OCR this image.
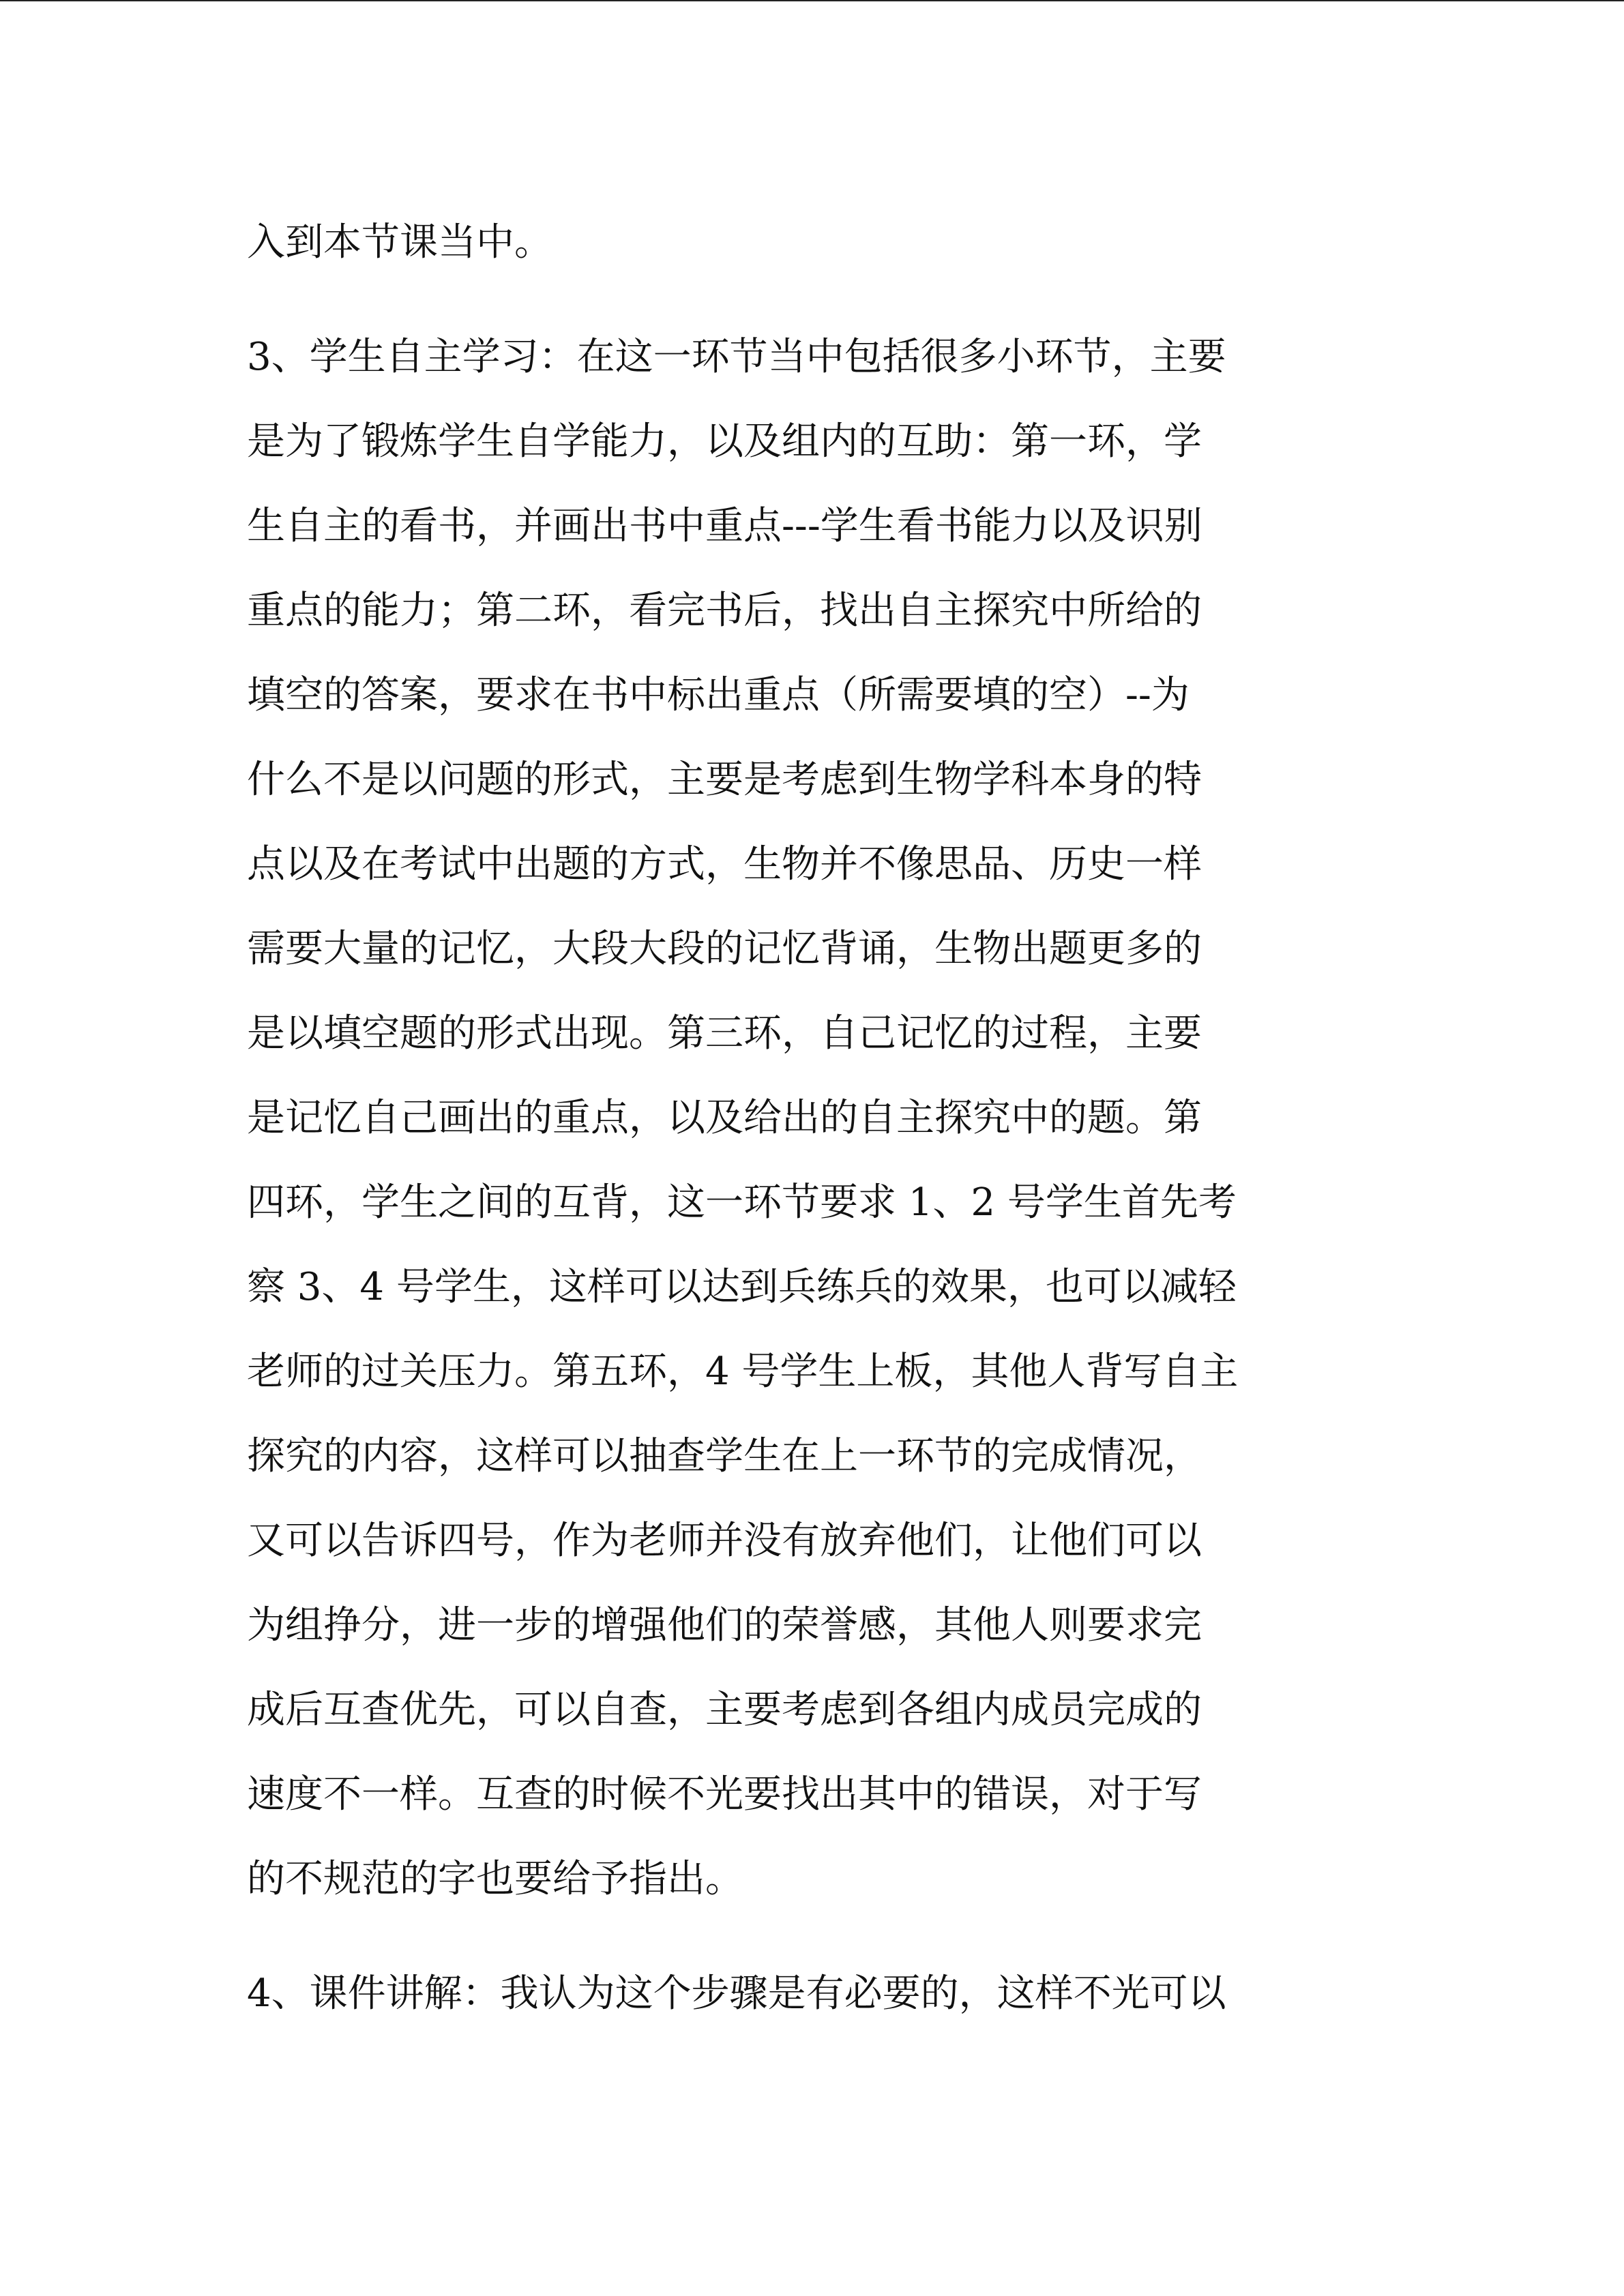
入到本节课当中。
3、学生自主学习：在这一环节当中包括很多小环节，主要
是为了锻炼学生自学能力，以及组内的互助：第一环，学
生自主的看书，并画出书中重点---学生看书能力以及识别
重点的能力；第二环，看完书后，找出自主探究中所给的
填空的答案，要求在书中标出重点（所需要填的空）--为
什么不是以问题的形式，主要是考虑到生物学科本身的特
点以及在考试中出题的方式，生物并不像思品、历史一样
需要大量的记忆，大段大段的记忆背诵，生物出题更多的
是以填空题的形式出现。第三环，自己记忆的过程，主要
是记忆自己画出的重点，以及给出的自主探究中的题。第
四环，学生之间的互背，这一环节要求 1、2 号学生首先考
察 3、4 号学生，这样可以达到兵练兵的效果，也可以减轻
老师的过关压力。第五环，4 号学生上板，其他人背写自主
探究的内容，这样可以抽查学生在上一环节的完成情况，
又可以告诉四号，作为老师并没有放弃他们，让他们可以
为组挣分，进一步的增强他们的荣誉感，其他人则要求完
成后互查优先，可以自查，主要考虑到各组内成员完成的
速度不一样。互查的时候不光要找出其中的错误，对于写
的不规范的字也要给予指出。
4、课件讲解：我认为这个步骤是有必要的，这样不光可以
